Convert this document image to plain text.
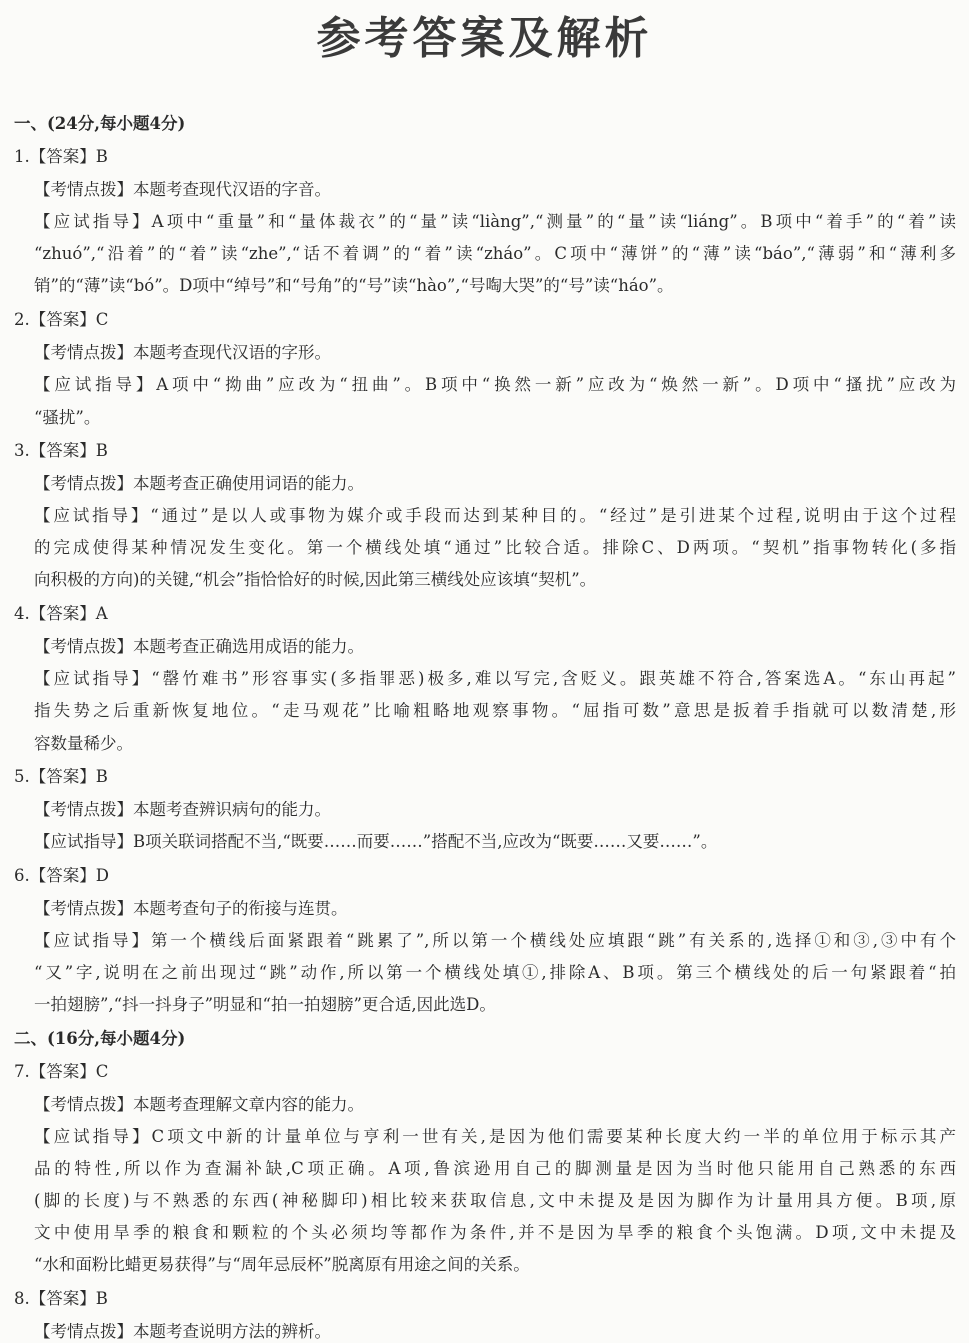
参考答案及解析
一、(24分,每小题4分)
1.【答案】B
【考情点拨】本题考查现代汉语的字音。
【应试指导】A项中“重量”和“量体裁衣”的“量”读“liàng”,“测量”的“量”读“liáng”。B项中“着手”的“着”读
“zhuó”,“沿着”的“着”读“zhe”,“话不着调”的“着”读“zháo”。C项中“薄饼”的“薄”读“báo”,“薄弱”和“薄利多
销”的“薄”读“bó”。D项中“绰号”和“号角”的“号”读“hào”,“号啕大哭”的“号”读“háo”。
2.【答案】C
【考情点拨】本题考查现代汉语的字形。
【应试指导】A项中“拗曲”应改为“扭曲”。B项中“换然一新”应改为“焕然一新”。D项中“搔扰”应改为
“骚扰”。
3.【答案】B
【考情点拨】本题考查正确使用词语的能力。
【应试指导】“通过”是以人或事物为媒介或手段而达到某种目的。“经过”是引进某个过程,说明由于这个过程
的完成使得某种情况发生变化。第一个横线处填“通过”比较合适。排除C、D两项。“契机”指事物转化(多指
向积极的方向)的关键,“机会”指恰恰好的时候,因此第三横线处应该填“契机”。
4.【答案】A
【考情点拨】本题考查正确选用成语的能力。
【应试指导】“罄竹难书”形容事实(多指罪恶)极多,难以写完,含贬义。跟英雄不符合,答案选A。“东山再起”
指失势之后重新恢复地位。“走马观花”比喻粗略地观察事物。“屈指可数”意思是扳着手指就可以数清楚,形
容数量稀少。
5.【答案】B
【考情点拨】本题考查辨识病句的能力。
【应试指导】B项关联词搭配不当,“既要……而要……”搭配不当,应改为“既要……又要……”。
6.【答案】D
【考情点拨】本题考查句子的衔接与连贯。
【应试指导】第一个横线后面紧跟着“跳累了”,所以第一个横线处应填跟“跳”有关系的,选择①和③,③中有个
“又”字,说明在之前出现过“跳”动作,所以第一个横线处填①,排除A、B项。第三个横线处的后一句紧跟着“拍
一拍翅膀”,“抖一抖身子”明显和“拍一拍翅膀”更合适,因此选D。
二、(16分,每小题4分)
7.【答案】C
【考情点拨】本题考查理解文章内容的能力。
【应试指导】C项文中新的计量单位与亨利一世有关,是因为他们需要某种长度大约一半的单位用于标示其产
品的特性,所以作为查漏补缺,C项正确。A项,鲁滨逊用自己的脚测量是因为当时他只能用自己熟悉的东西
(脚的长度)与不熟悉的东西(神秘脚印)相比较来获取信息,文中未提及是因为脚作为计量用具方便。B项,原
文中使用旱季的粮食和颗粒的个头必须均等都作为条件,并不是因为旱季的粮食个头饱满。D项,文中未提及
“水和面粉比蜡更易获得”与“周年忌辰杯”脱离原有用途之间的关系。
8.【答案】B
【考情点拨】本题考查说明方法的辨析。
